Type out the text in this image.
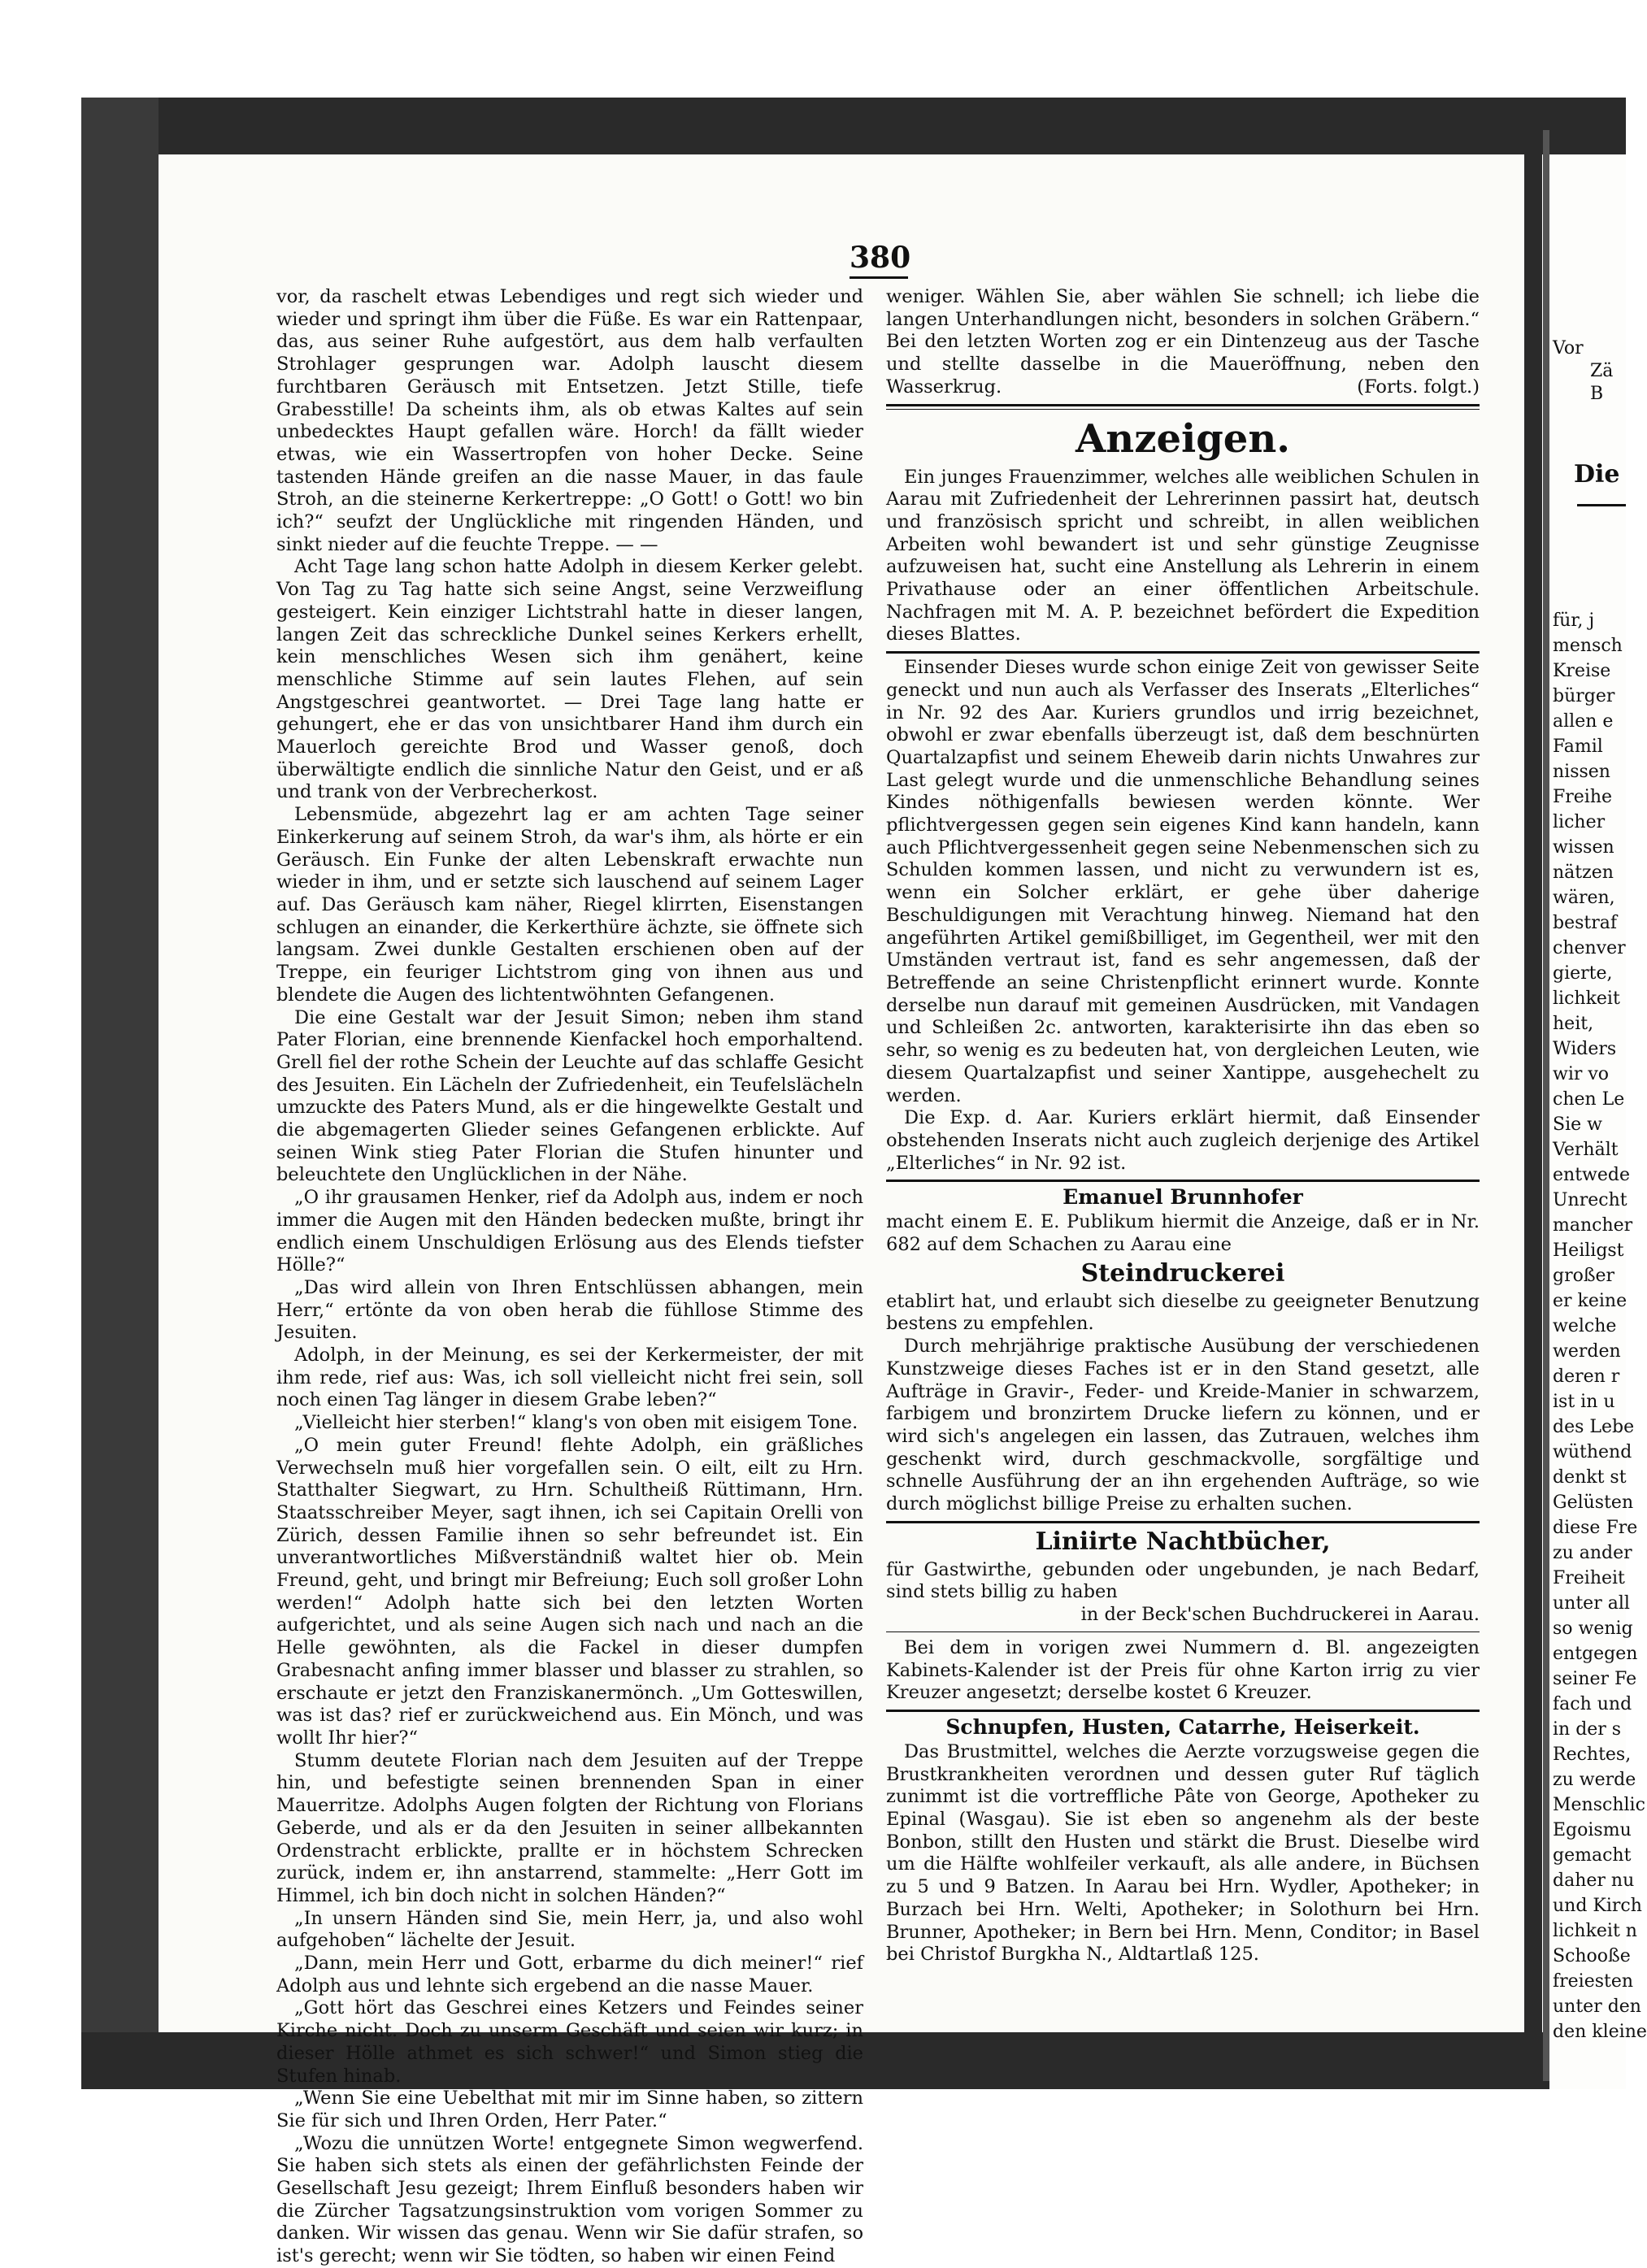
380

vor, da raschelt etwas Lebendiges und regt sich wieder und wieder und springt ihm über die Füße. Es war ein Rattenpaar, das, aus seiner Ruhe aufgestört, aus dem halb verfaulten Strohlager gesprungen war. Adolph lauscht diesem furchtbaren Geräusch mit Entsetzen. Jetzt Stille, tiefe Grabesstille! Da scheints ihm, als ob etwas Kaltes auf sein unbedecktes Haupt gefallen wäre. Horch! da fällt wieder etwas, wie ein Wassertropfen von hoher Decke. Seine tastenden Hände greifen an die nasse Mauer, in das faule Stroh, an die steinerne Kerkertreppe: „O Gott! o Gott! wo bin ich?“ seufzt der Unglückliche mit ringenden Händen, und sinkt nieder auf die feuchte Treppe. — —

Acht Tage lang schon hatte Adolph in diesem Kerker gelebt. Von Tag zu Tag hatte sich seine Angst, seine Verzweiflung gesteigert. Kein einziger Lichtstrahl hatte in dieser langen, langen Zeit das schreckliche Dunkel seines Kerkers erhellt, kein menschliches Wesen sich ihm genähert, keine menschliche Stimme auf sein lautes Flehen, auf sein Angstgeschrei geantwortet. — Drei Tage lang hatte er gehungert, ehe er das von unsichtbarer Hand ihm durch ein Mauerloch gereichte Brod und Wasser genoß, doch überwältigte endlich die sinnliche Natur den Geist, und er aß und trank von der Verbrecherkost.

Lebensmüde, abgezehrt lag er am achten Tage seiner Einkerkerung auf seinem Stroh, da war's ihm, als hörte er ein Geräusch. Ein Funke der alten Lebenskraft erwachte nun wieder in ihm, und er setzte sich lauschend auf seinem Lager auf. Das Geräusch kam näher, Riegel klirrten, Eisenstangen schlugen an einander, die Kerkerthüre ächzte, sie öffnete sich langsam. Zwei dunkle Gestalten erschienen oben auf der Treppe, ein feuriger Lichtstrom ging von ihnen aus und blendete die Augen des lichtentwöhnten Gefangenen.

Die eine Gestalt war der Jesuit Simon; neben ihm stand Pater Florian, eine brennende Kienfackel hoch emporhaltend. Grell fiel der rothe Schein der Leuchte auf das schlaffe Gesicht des Jesuiten. Ein Lächeln der Zufriedenheit, ein Teufelslächeln umzuckte des Paters Mund, als er die hingewelkte Gestalt und die abgemagerten Glieder seines Gefangenen erblickte. Auf seinen Wink stieg Pater Florian die Stufen hinunter und beleuchtete den Unglücklichen in der Nähe.

„O ihr grausamen Henker, rief da Adolph aus, indem er noch immer die Augen mit den Händen bedecken mußte, bringt ihr endlich einem Unschuldigen Erlösung aus des Elends tiefster Hölle?“

„Das wird allein von Ihren Entschlüssen abhangen, mein Herr,“ ertönte da von oben herab die fühllose Stimme des Jesuiten.

Adolph, in der Meinung, es sei der Kerkermeister, der mit ihm rede, rief aus: Was, ich soll vielleicht nicht frei sein, soll noch einen Tag länger in diesem Grabe leben?“

„Vielleicht hier sterben!“ klang's von oben mit eisigem Tone.

„O mein guter Freund! flehte Adolph, ein gräßliches Verwechseln muß hier vorgefallen sein. O eilt, eilt zu Hrn. Statthalter Siegwart, zu Hrn. Schultheiß Rüttimann, Hrn. Staatsschreiber Meyer, sagt ihnen, ich sei Capitain Orelli von Zürich, dessen Familie ihnen so sehr befreundet ist. Ein unverantwortliches Mißverständniß waltet hier ob. Mein Freund, geht, und bringt mir Befreiung; Euch soll großer Lohn werden!“ Adolph hatte sich bei den letzten Worten aufgerichtet, und als seine Augen sich nach und nach an die Helle gewöhnten, als die Fackel in dieser dumpfen Grabesnacht anfing immer blasser und blasser zu strahlen, so erschaute er jetzt den Franziskanermönch. „Um Gotteswillen, was ist das? rief er zurückweichend aus. Ein Mönch, und was wollt Ihr hier?“

Stumm deutete Florian nach dem Jesuiten auf der Treppe hin, und befestigte seinen brennenden Span in einer Mauerritze. Adolphs Augen folgten der Richtung von Florians Geberde, und als er da den Jesuiten in seiner allbekannten Ordenstracht erblickte, prallte er in höchstem Schrecken zurück, indem er, ihn anstarrend, stammelte: „Herr Gott im Himmel, ich bin doch nicht in solchen Händen?“

„In unsern Händen sind Sie, mein Herr, ja, und also wohl aufgehoben“ lächelte der Jesuit.

„Dann, mein Herr und Gott, erbarme du dich meiner!“ rief Adolph aus und lehnte sich ergebend an die nasse Mauer.

„Gott hört das Geschrei eines Ketzers und Feindes seiner Kirche nicht. Doch zu unserm Geschäft und seien wir kurz; in dieser Hölle athmet es sich schwer!“ und Simon stieg die Stufen hinab.

„Wenn Sie eine Uebelthat mit mir im Sinne haben, so zittern Sie für sich und Ihren Orden, Herr Pater.“

„Wozu die unnützen Worte! entgegnete Simon wegwerfend. Sie haben sich stets als einen der gefährlichsten Feinde der Gesellschaft Jesu gezeigt; Ihrem Einfluß besonders haben wir die Zürcher Tagsatzungsinstruktion vom vorigen Sommer zu danken. Wir wissen das genau. Wenn wir Sie dafür strafen, so ist's gerecht; wenn wir Sie tödten, so haben wir einen Feind

weniger. Wählen Sie, aber wählen Sie schnell; ich liebe die langen Unterhandlungen nicht, besonders in solchen Gräbern.“ Bei den letzten Worten zog er ein Dintenzeug aus der Tasche und stellte dasselbe in die Maueröffnung, neben den Wasserkrug.	(Forts. folgt.)

Anzeigen.

Ein junges Frauenzimmer, welches alle weiblichen Schulen in Aarau mit Zufriedenheit der Lehrerinnen passirt hat, deutsch und französisch spricht und schreibt, in allen weiblichen Arbeiten wohl bewandert ist und sehr günstige Zeugnisse aufzuweisen hat, sucht eine Anstellung als Lehrerin in einem Privathause oder an einer öffentlichen Arbeitschule. Nachfragen mit M. A. P. bezeichnet befördert die Expedition dieses Blattes.

Einsender Dieses wurde schon einige Zeit von gewisser Seite geneckt und nun auch als Verfasser des Inserats „Elterliches“ in Nr. 92 des Aar. Kuriers grundlos und irrig bezeichnet, obwohl er zwar ebenfalls überzeugt ist, daß dem beschnürten Quartalzapfist und seinem Eheweib darin nichts Unwahres zur Last gelegt wurde und die unmenschliche Behandlung seines Kindes nöthigenfalls bewiesen werden könnte. Wer pflichtvergessen gegen sein eigenes Kind kann handeln, kann auch Pflichtvergessenheit gegen seine Nebenmenschen sich zu Schulden kommen lassen, und nicht zu verwundern ist es, wenn ein Solcher erklärt, er gehe über daherige Beschuldigungen mit Verachtung hinweg. Niemand hat den angeführten Artikel gemißbilliget, im Gegentheil, wer mit den Umständen vertraut ist, fand es sehr angemessen, daß der Betreffende an seine Christenpflicht erinnert wurde. Konnte derselbe nun darauf mit gemeinen Ausdrücken, mit Vandagen und Schleißen 2c. antworten, karakterisirte ihn das eben so sehr, so wenig es zu bedeuten hat, von dergleichen Leuten, wie diesem Quartalzapfist und seiner Xantippe, ausgehechelt zu werden.

Die Exp. d. Aar. Kuriers erklärt hiermit, daß Einsender obstehenden Inserats nicht auch zugleich derjenige des Artikel „Elterliches“ in Nr. 92 ist.

Emanuel Brunnhofer

macht einem E. E. Publikum hiermit die Anzeige, daß er in Nr. 682 auf dem Schachen zu Aarau eine

Steindruckerei

etablirt hat, und erlaubt sich dieselbe zu geeigneter Benutzung bestens zu empfehlen.

Durch mehrjährige praktische Ausübung der verschiedenen Kunstzweige dieses Faches ist er in den Stand gesetzt, alle Aufträge in Gravir-, Feder- und Kreide-Manier in schwarzem, farbigem und bronzirtem Drucke liefern zu können, und er wird sich's angelegen ein lassen, das Zutrauen, welches ihm geschenkt wird, durch geschmackvolle, sorgfältige und schnelle Ausführung der an ihn ergehenden Aufträge, so wie durch möglichst billige Preise zu erhalten suchen.

Liniirte Nachtbücher,

für Gastwirthe, gebunden oder ungebunden, je nach Bedarf, sind stets billig zu haben

in der Beck'schen Buchdruckerei in Aarau.

Bei dem in vorigen zwei Nummern d. Bl. angezeigten Kabinets-Kalender ist der Preis für ohne Karton irrig zu vier Kreuzer angesetzt; derselbe kostet 6 Kreuzer.

Schnupfen, Husten, Catarrhe, Heiserkeit.

Das Brustmittel, welches die Aerzte vorzugsweise gegen die Brustkrankheiten verordnen und dessen guter Ruf täglich zunimmt ist die vortreffliche Pâte von George, Apotheker zu Epinal (Wasgau). Sie ist eben so angenehm als der beste Bonbon, stillt den Husten und stärkt die Brust. Dieselbe wird um die Hälfte wohlfeiler verkauft, als alle andere, in Büchsen zu 5 und 9 Batzen. In Aarau bei Hrn. Wydler, Apotheker; in Burzach bei Hrn. Welti, Apotheker; in Solothurn bei Hrn. Brunner, Apotheker; in Bern bei Hrn. Menn, Conditor; in Basel bei Christof Burgkha N., Aldtartlaß 125.

Vor
Zä
B
Die
für, j
mensch
Kreise
bürger
allen e
Famil
nissen
Freihe
licher
wissen
nätzen
wären,
bestraf
chenver
gierte,
lichkeit
heit,
Widers
wir vo
chen Le
Sie w
Verhält
entwede
Unrecht
mancher
Heiligst
großer
er keine
welche
werden
deren r
ist in u
des Lebe
wüthend
denkt st
Gelüsten
diese Fre
zu ander
Freiheit
unter all
so wenig
entgegen
seiner Fe
fach und
in der s
Rechtes,
zu werde
Menschlic
Egoismu
gemacht
daher nu
und Kirch
lichkeit n
Schooße
freiesten
unter den
den kleine
